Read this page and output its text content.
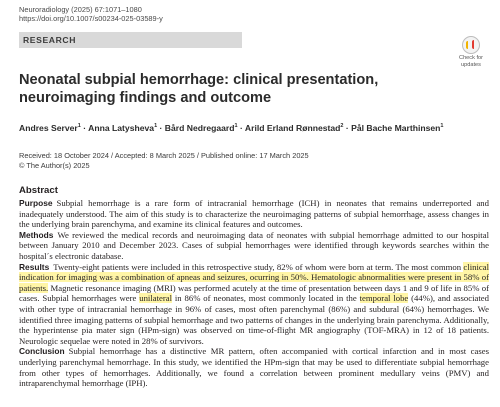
Neuroradiology (2025) 67:1071–1080
https://doi.org/10.1007/s00234-025-03589-y
RESEARCH
Check for
updates
Neonatal subpial hemorrhage: clinical presentation, neuroimaging findings and outcome
Andres Server$^1$ · Anna Latysheva$^1$ · Bård Nedregaard$^1$ · Arild Erland Rønnestad$^2$ · Pål Bache Marthinsen$^1$
Received: 18 October 2024 / Accepted: 8 March 2025 / Published online: 17 March 2025
© The Author(s) 2025
Abstract

Purpose Subpial hemorrhage is a rare form of intracranial hemorrhage (ICH) in neonates that remains underreported and inadequately understood. The aim of this study is to characterize the neuroimaging patterns of subpial hemorrhage, assess changes in the underlying brain parenchyma, and examine its clinical features and outcomes.

Methods We reviewed the medical records and neuroimaging data of neonates with subpial hemorrhage admitted to our hospital between January 2010 and December 2023. Cases of subpial hemorrhages were identified through keywords searches within the hospital´s electronic database.

Results Twenty-eight patients were included in this retrospective study, 82% of whom were born at term. The most common clinical indication for imaging was a combination of apneas and seizures, ocurring in 50%. Hematologic abnormalities were present in 58% of patients. Magnetic resonance imaging (MRI) was performed acutely at the time of presentation between days 1 and 9 of life in 85% of cases. Subpial hemorrhages were unilateral in 86% of neonates, most commonly located in the temporal lobe (44%), and associated with other type of intracranial hemorrhage in 96% of cases, most often parenchymal (86%) and subdural (64%) hemorrhages. We identified three imaging patterns of subpial hemorrhage and two patterns of changes in the underlying brain parenchyma. Additionally, the hyperintense pia mater sign (HPm-sign) was observed on time-of-flight MR angiography (TOF-MRA) in 12 of 18 patients. Neurologic sequelae were noted in 28% of survivors.

Conclusion Subpial hemorrhage has a distinctive MR pattern, often accompanied with cortical infarction and in most cases underlying parenchymal hemorrhage. In this study, we identified the HPm-sign that may be used to differentiate subpial hemorrhage from other types of hemorrhages. Additionally, we found a correlation between prominent medullary veins (PMV) and intraparenchymal hemorrhage (IPH).
